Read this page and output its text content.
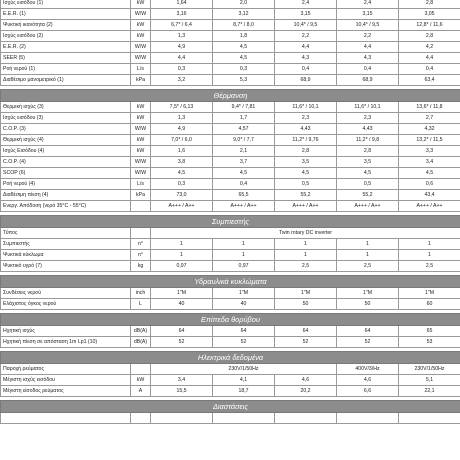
Ισχύς εισόδου (1)	kW	1,64	2,0	2,4	2,4	2,8
E.E.R. (1)	W/W	3,16	3,12	3,15	3,15	3,05
Ψυκτική ικανότητα (2)	kW	6,7* / 6,4	8,7* / 8,0	10,4* / 9,5	10,4* / 9,5	12,8* / 11,6
Ισχύς εισόδου (2)	kW	1,3	1,8	2,2	2,2	2,8
E.E.R. (2)	W/W	4,9	4,5	4,4	4,4	4,2
SEER (5)	W/W	4,4	4,5	4,3	4,3	4,4
Ροή νερού (1)	L/s	0,3	0,3	0,4	0,4	0,4
Διαθέσιμο μανομετρικό (1)	kPa	3,2	5,3	68,9	68,9	63,4

Θέρμανση						
Θερμική ισχύς (3)	kW	7,5* / 6,13	9,4* / 7,81	11,6* / 10,1	11,6* / 10,1	13,6* / 11,8
Ισχύς εισόδου (3)	kW	1,3	1,7	2,3	2,3	2,7
C.O.P. (3)	W/W	4,9	4,57	4,43	4,43	4,32
Θερμική ισχύς (4)	kW	7,0* / 6,0	9,0* / 7,7	11,2* / 9,76	11,2* / 9,8	13,2* / 11,5
Ισχύς Εισόδου (4)	kW	1,6	2,1	2,8	2,8	3,3
C.O.P. (4)	W/W	3,8	3,7	3,5	3,5	3,4
SCOP (6)	W/W	4,5	4,5	4,5	4,5	4,5
Ροή νερού (4)	L/s	0,3	0,4	0,5	0,5	0,6
Διαθέσιμη πίεση (4)	kPa	73,0	65,5	55,2	55,2	43,4
Ενεργ. Απόδοση (νερό 35°C - 55°C)		A+++ / A++	A+++ / A++	A+++ / A++	A+++ / A++	A+++ / A++

Συμπιεστής						
Τύπος		Twin rotary DC inverter				
Συμπιεστής	n°	1	1	1	1	1
Ψυκτικά κύκλωμα	n°	1	1	1	1	1
Ψυκτικό υγρό (7)	kg	0,97	0,97	2,5	2,5	2,5

Υδραυλικά κυκλώματα						
Συνδέσεις νερού	inch	1"M	1"M	1"M	1"M	1"M
Ελάχιστος όγκος νερού	L	40	40	50	50	60

Επίπεδα θορύβου						
Ηχητική ισχύς	dB(A)	64	64	64	64	65
Ηχητική πίεση σε απόσταση 1m Lp1 (10)	dB(A)	52	52	52	52	53

Ηλεκτρικά δεδομένα						
Παροχή ρεύματος		230V/1/50Hz			400V/3/Hz	230V/1/50Hz
Μέγιστη ισχύς εισόδου	kW	3,4	4,1	4,6	4,6	5,1
Μέγιστη είσοδος ρεύματος	A	15,5	18,7	20,2	6,6	22,1

Διαστάσεις						
